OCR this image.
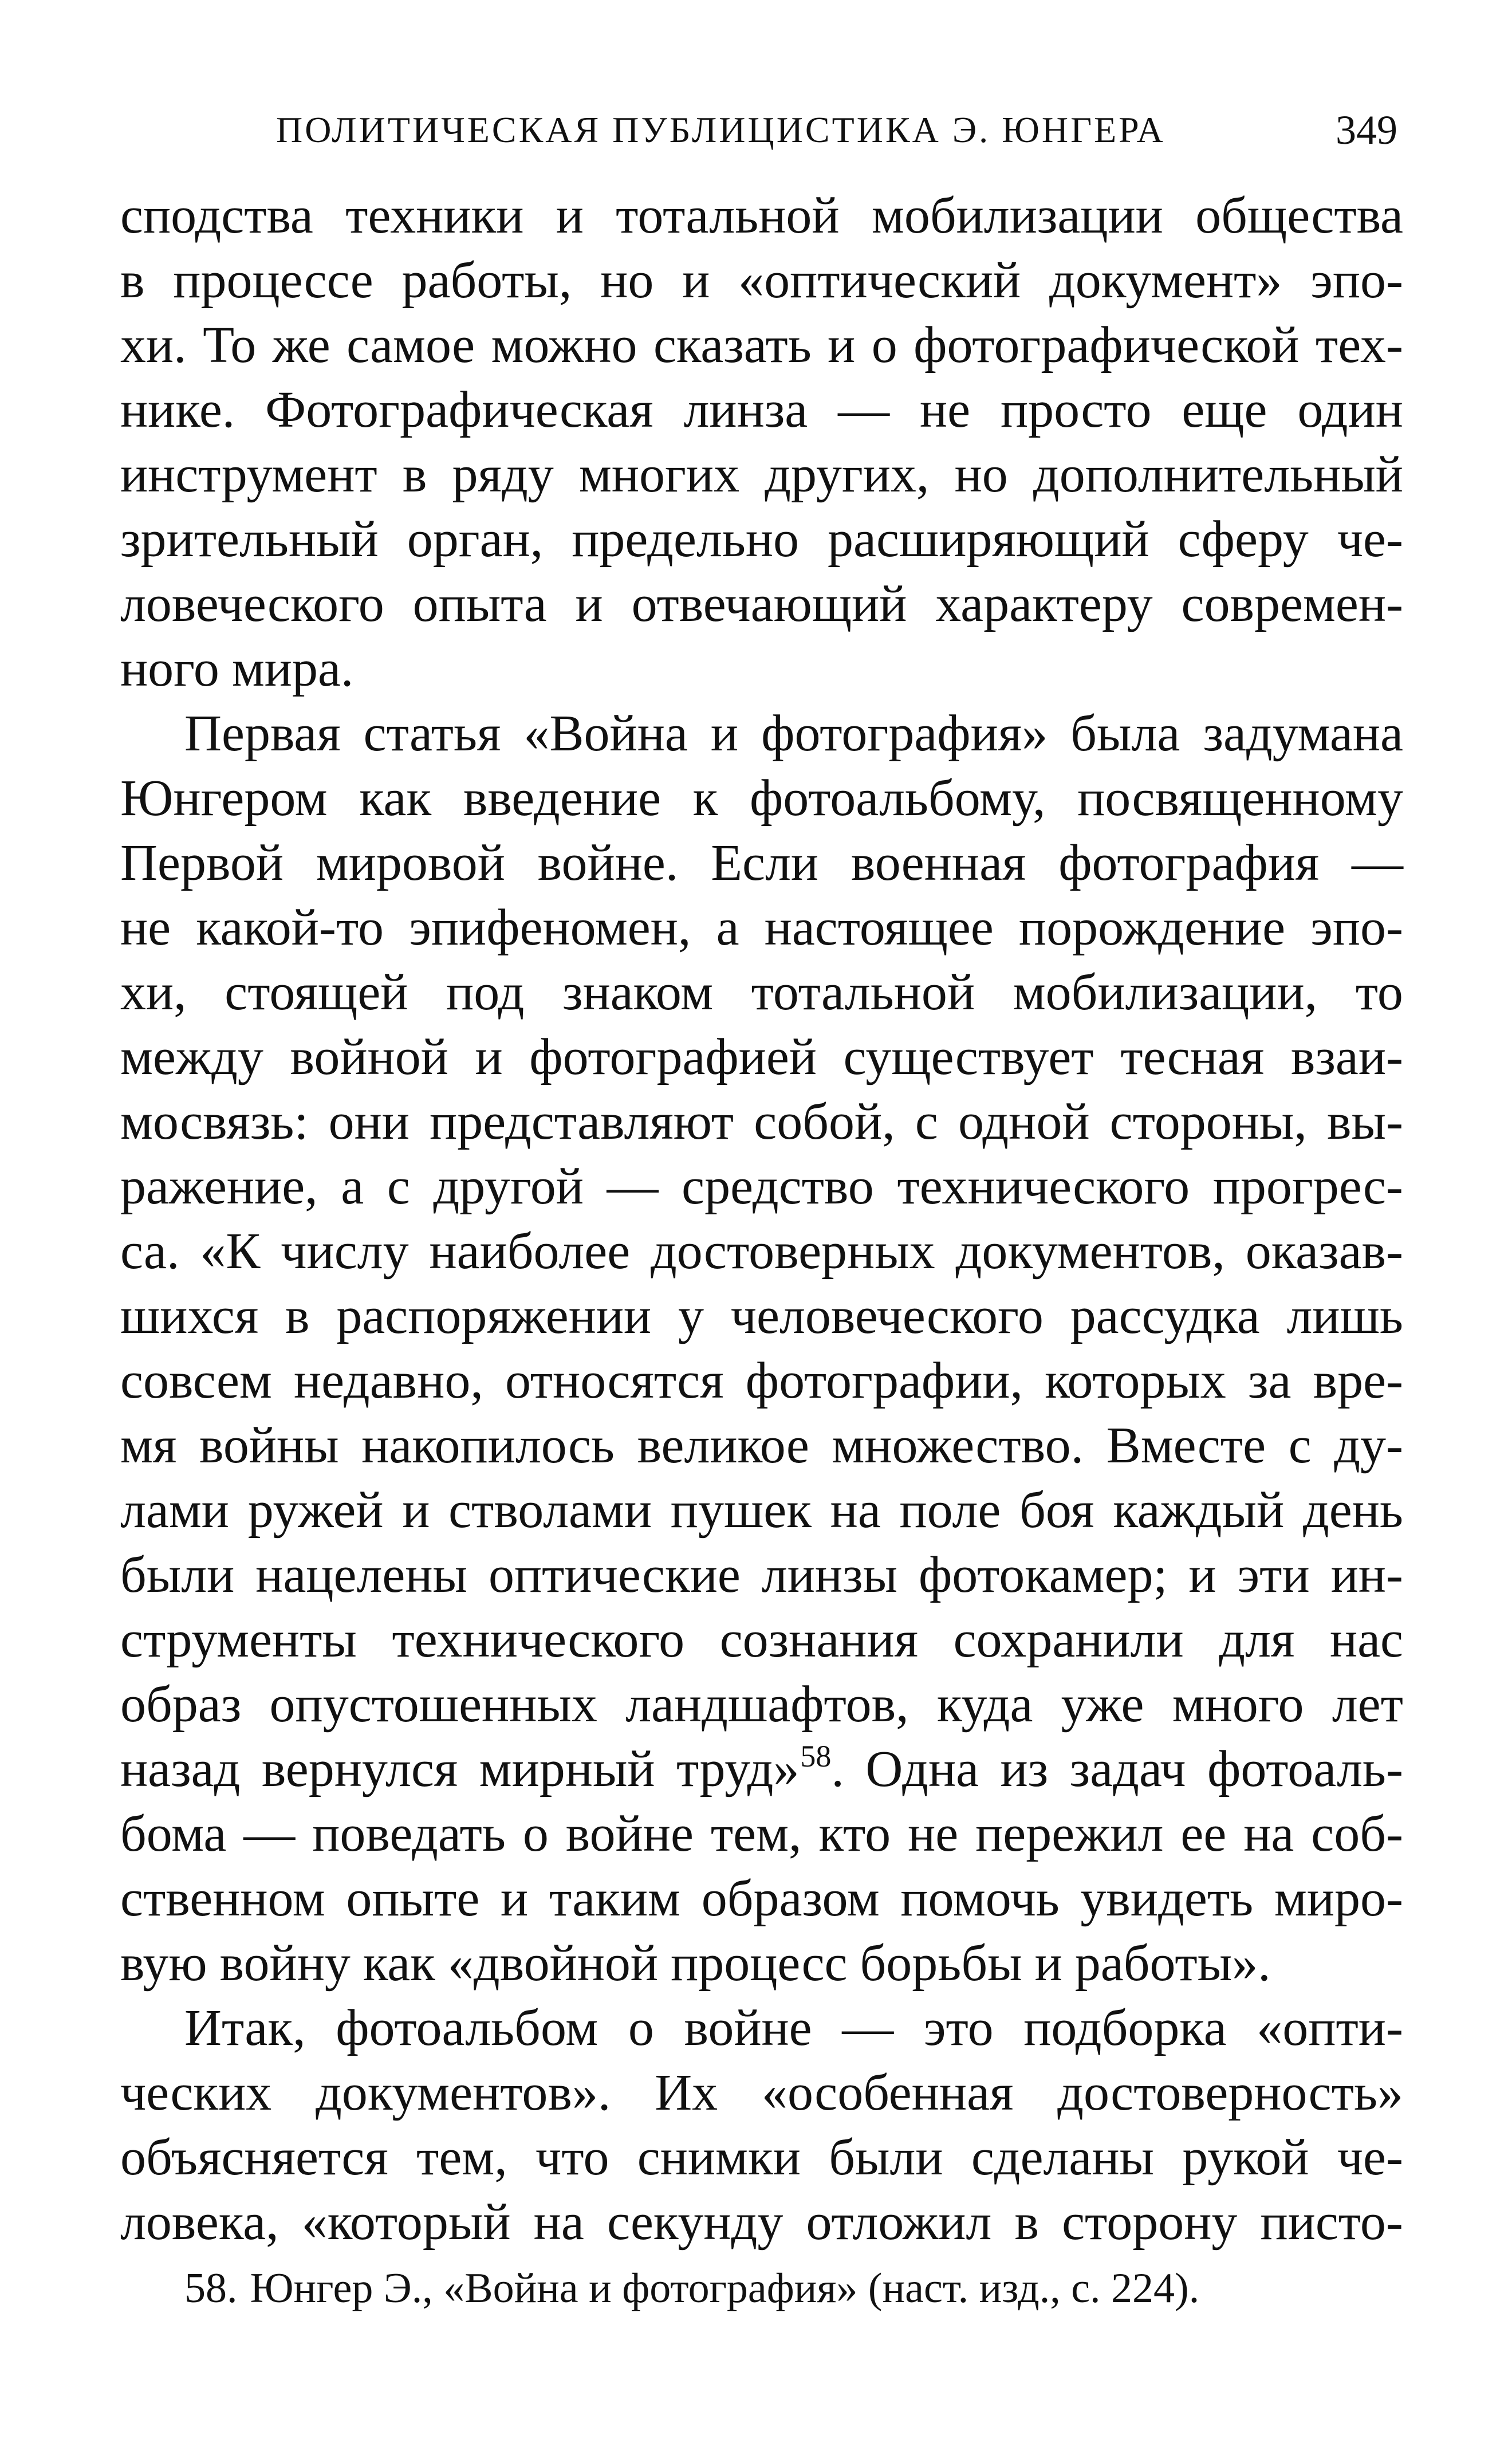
ПОЛИТИЧЕСКАЯ ПУБЛИЦИСТИКА Э. ЮНГЕРА	349
сподства техники и тотальной мобилизации общества
в процессе работы, но и «оптический документ» эпо-
хи. То же самое можно сказать и о фотографической тех-
нике. Фотографическая линза — не просто еще один
инструмент в ряду многих других, но дополнительный
зрительный орган, предельно расширяющий сферу че-
ловеческого опыта и отвечающий характеру современ-
ного мира.
Первая статья «Война и фотография» была задумана
Юнгером как введение к фотоальбому, посвященному
Первой мировой войне. Если военная фотография —
не какой-то эпифеномен, а настоящее порождение эпо-
хи, стоящей под знаком тотальной мобилизации, то
между войной и фотографией существует тесная взаи-
мосвязь: они представляют собой, с одной стороны, вы-
ражение, а с другой — средство технического прогрес-
са. «К числу наиболее достоверных документов, оказав-
шихся в распоряжении у человеческого рассудка лишь
совсем недавно, относятся фотографии, которых за вре-
мя войны накопилось великое множество. Вместе с ду-
лами ружей и стволами пушек на поле боя каждый день
были нацелены оптические линзы фотокамер; и эти ин-
струменты технического сознания сохранили для нас
образ опустошенных ландшафтов, куда уже много лет
назад вернулся мирный труд»$^{58}$. Одна из задач фотоаль-
бома — поведать о войне тем, кто не пережил ее на соб-
ственном опыте и таким образом помочь увидеть миро-
вую войну как «двойной процесс борьбы и работы».
Итак, фотоальбом о войне — это подборка «опти-
ческих документов». Их «особенная достоверность»
объясняется тем, что снимки были сделаны рукой че-
ловека, «который на секунду отложил в сторону писто-
58. Юнгер Э., «Война и фотография» (наст. изд., с. 224).
